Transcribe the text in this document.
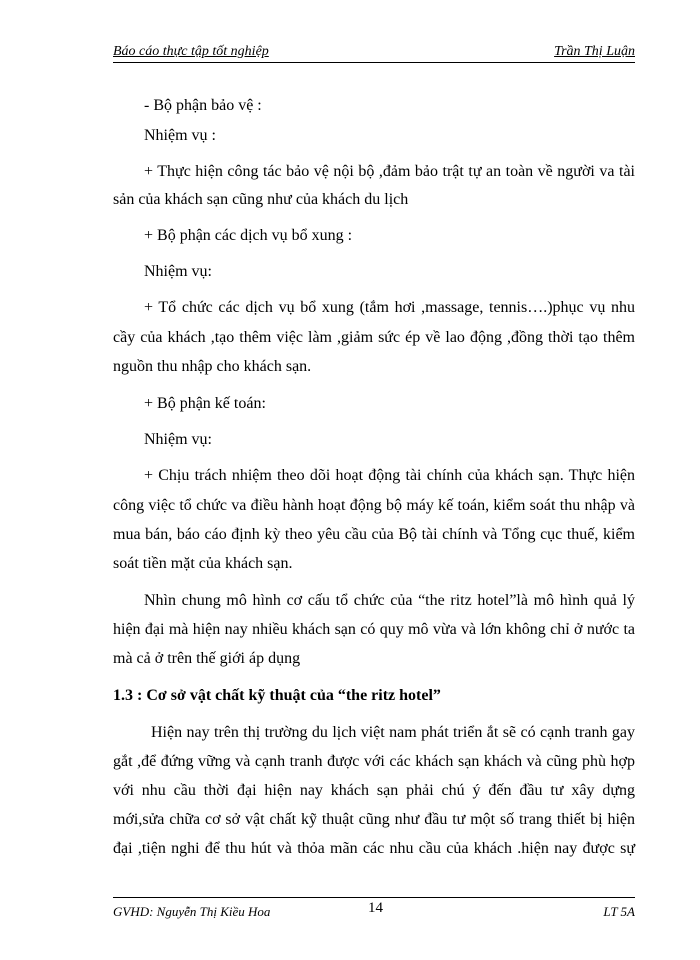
Báo cáo thực tập tốt nghiệp	Trần Thị Luận
- Bộ phận bảo vệ :
Nhiệm vụ :
+ Thực hiện công tác bảo vệ nội bộ ,đảm bảo trật tự an toàn về người va tài
sản của khách sạn cũng như của khách du lịch
+ Bộ phận các dịch vụ bổ xung :
Nhiệm vụ:
+ Tổ chức các dịch vụ bổ xung (tắm hơi ,massage, tennis….)phục vụ nhu
cầy của khách ,tạo thêm việc làm ,giảm sức ép về lao động ,đồng thời tạo thêm
nguồn thu nhập cho khách sạn.
+ Bộ phận kế toán:
Nhiệm vụ:
+ Chịu trách nhiệm theo dõi hoạt động tài chính của khách sạn. Thực hiện
công việc tổ chức va điều hành hoạt động bộ máy kế toán, kiểm soát thu nhập và
mua bán, báo cáo định kỳ theo yêu cầu của Bộ tài chính và Tổng cục thuế, kiểm
soát tiền mặt của khách sạn.
Nhìn chung mô hình cơ cấu tổ chức của “the ritz hotel”là mô hình quả lý
hiện đại mà hiện nay nhiều khách sạn có quy mô vừa và lớn không chỉ ở nước ta
mà cả ở trên thế giới áp dụng
1.3 : Cơ sở vật chất kỹ thuật của “the ritz hotel”
Hiện nay trên thị trường du lịch việt nam phát triển ắt sẽ có cạnh tranh gay
gắt ,để đứng vững và cạnh tranh được với các khách sạn khách và cũng phù hợp
với nhu cầu thời đại hiện nay khách sạn phải chú ý đến đầu tư xây dựng
mới,sửa chữa cơ sở vật chất kỹ thuật cũng như đầu tư một số trang thiết bị hiện
đại ,tiện nghi để thu hút và thỏa mãn các nhu cầu của khách .hiện nay được sự
GVHD: Nguyễn Thị Kiều Hoa	14	LT 5A
